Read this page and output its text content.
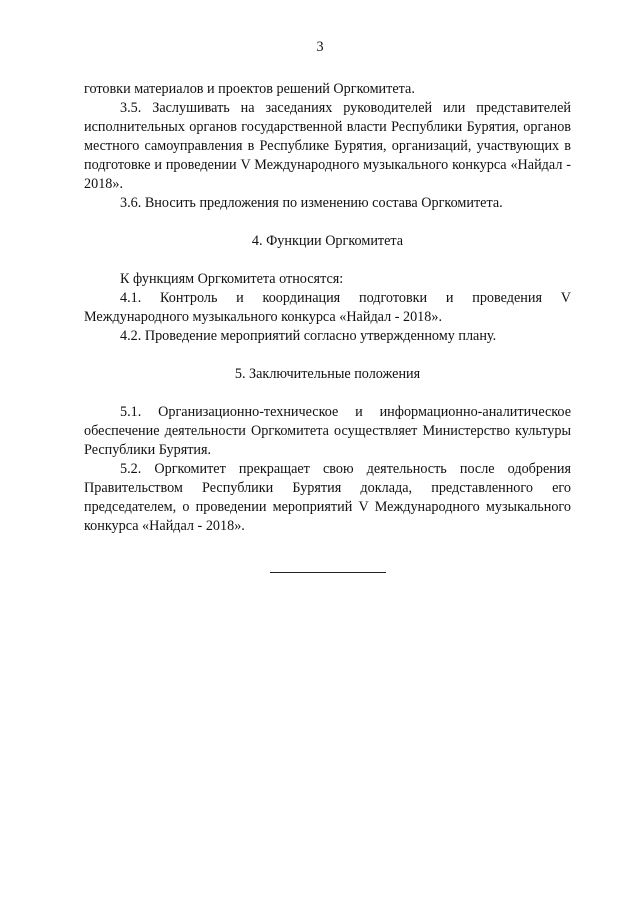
3

готовки материалов и проектов решений Оргкомитета.

3.5. Заслушивать на заседаниях руководителей или представителей исполнительных органов государственной власти Республики Бурятия, органов местного самоуправления в Республике Бурятия, организаций, участвующих в подготовке и проведении V Международного музыкального конкурса «Найдал - 2018».

3.6. Вносить предложения по изменению состава Оргкомитета.

4. Функции Оргкомитета

К функциям Оргкомитета относятся:

4.1. Контроль и координация подготовки и проведения V Международного музыкального конкурса «Найдал - 2018».

4.2. Проведение мероприятий согласно утвержденному плану.

5. Заключительные положения

5.1. Организационно-техническое и информационно-аналитическое обеспечение деятельности Оргкомитета осуществляет Министерство культуры Республики Бурятия.

5.2. Оргкомитет прекращает свою деятельность после одобрения Правительством Республики Бурятия доклада, представленного его председателем, о проведении мероприятий V Международного музыкального конкурса «Найдал - 2018».
